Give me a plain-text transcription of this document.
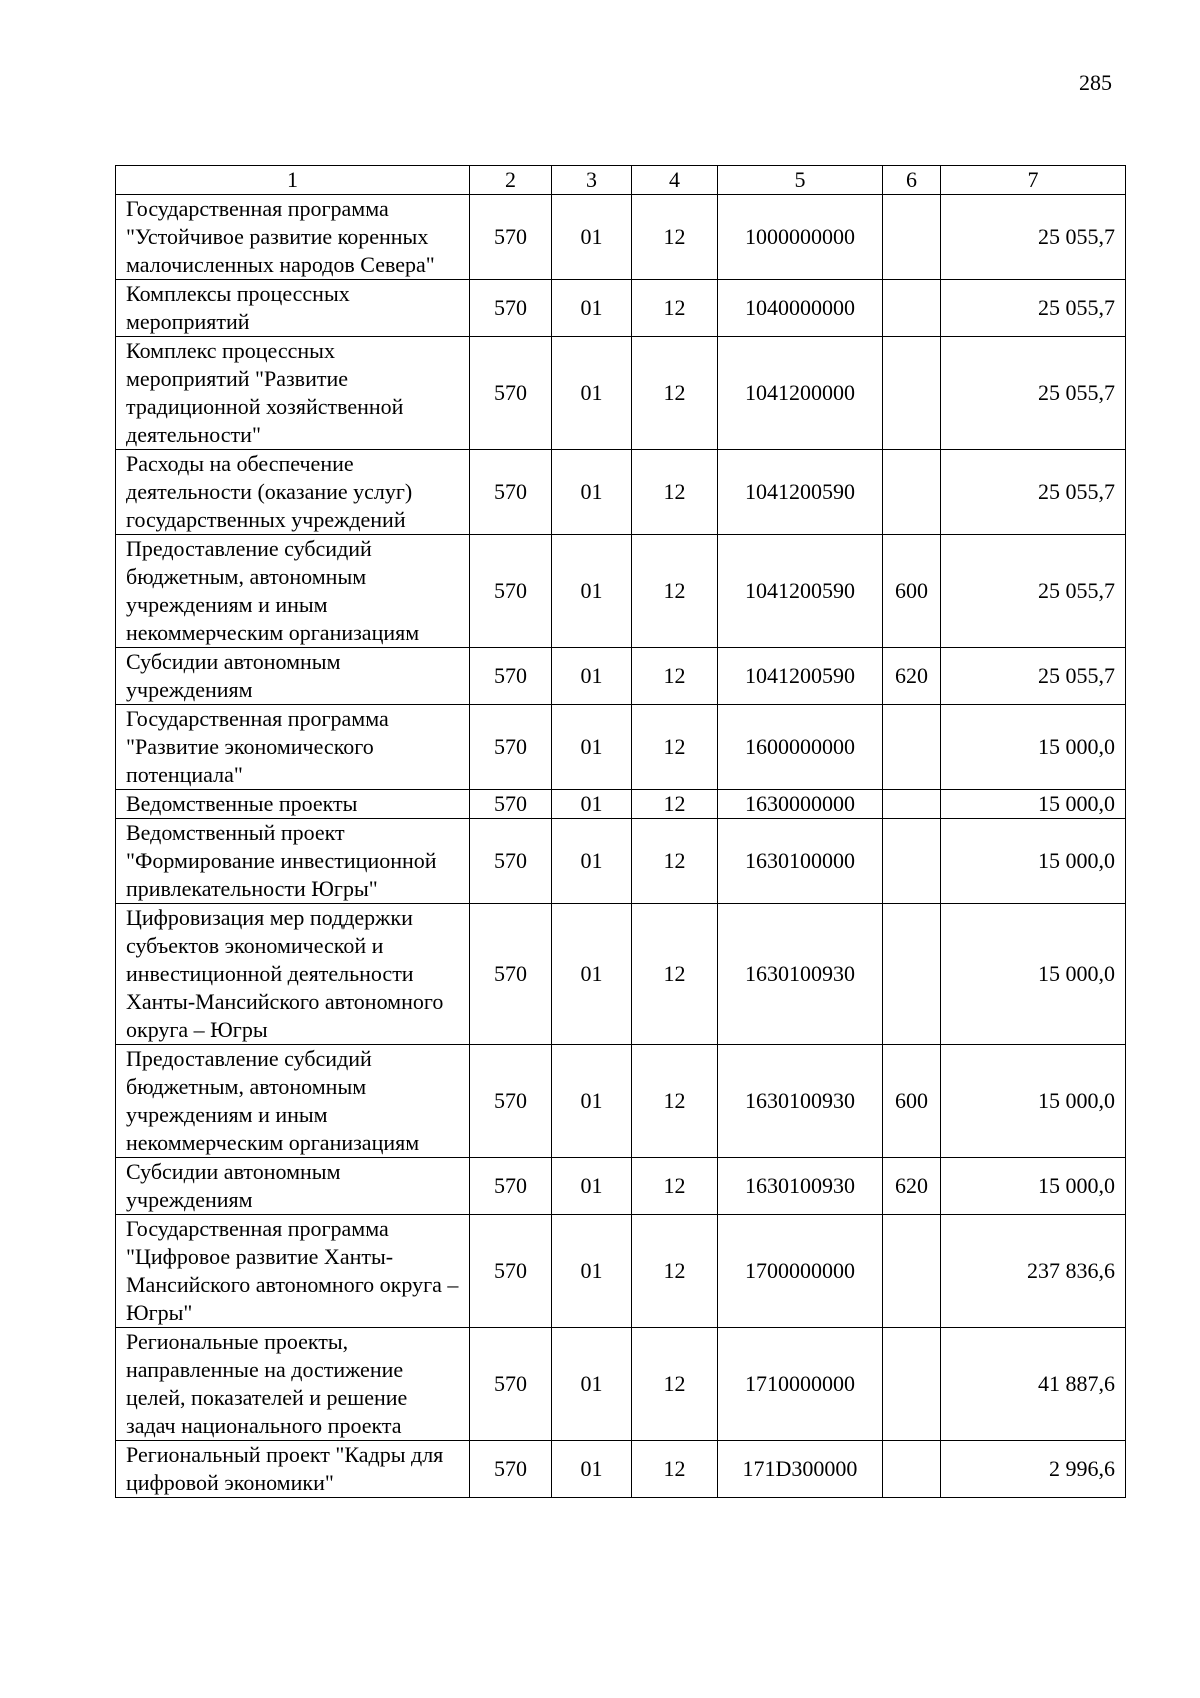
285
1	2	3	4	5	6	7
Государственная программа "Устойчивое развитие коренных малочисленных народов Севера"	570	01	12	1000000000		25 055,7
Комплексы процессных мероприятий	570	01	12	1040000000		25 055,7
Комплекс процессных мероприятий "Развитие традиционной хозяйственной деятельности"	570	01	12	1041200000		25 055,7
Расходы на обеспечение деятельности (оказание услуг) государственных учреждений	570	01	12	1041200590		25 055,7
Предоставление субсидий бюджетным, автономным учреждениям и иным некоммерческим организациям	570	01	12	1041200590	600	25 055,7
Субсидии автономным учреждениям	570	01	12	1041200590	620	25 055,7
Государственная программа "Развитие экономического потенциала"	570	01	12	1600000000		15 000,0
Ведомственные проекты	570	01	12	1630000000		15 000,0
Ведомственный проект "Формирование инвестиционной привлекательности Югры"	570	01	12	1630100000		15 000,0
Цифровизация мер поддержки субъектов экономической и инвестиционной деятельности Ханты-Мансийского автономного округа – Югры	570	01	12	1630100930		15 000,0
Предоставление субсидий бюджетным, автономным учреждениям и иным некоммерческим организациям	570	01	12	1630100930	600	15 000,0
Субсидии автономным учреждениям	570	01	12	1630100930	620	15 000,0
Государственная программа "Цифровое развитие Ханты-Мансийского автономного округа – Югры"	570	01	12	1700000000		237 836,6
Региональные проекты, направленные на достижение целей, показателей и решение задач национального проекта	570	01	12	1710000000		41 887,6
Региональный проект "Кадры для цифровой экономики"	570	01	12	171D300000		2 996,6
